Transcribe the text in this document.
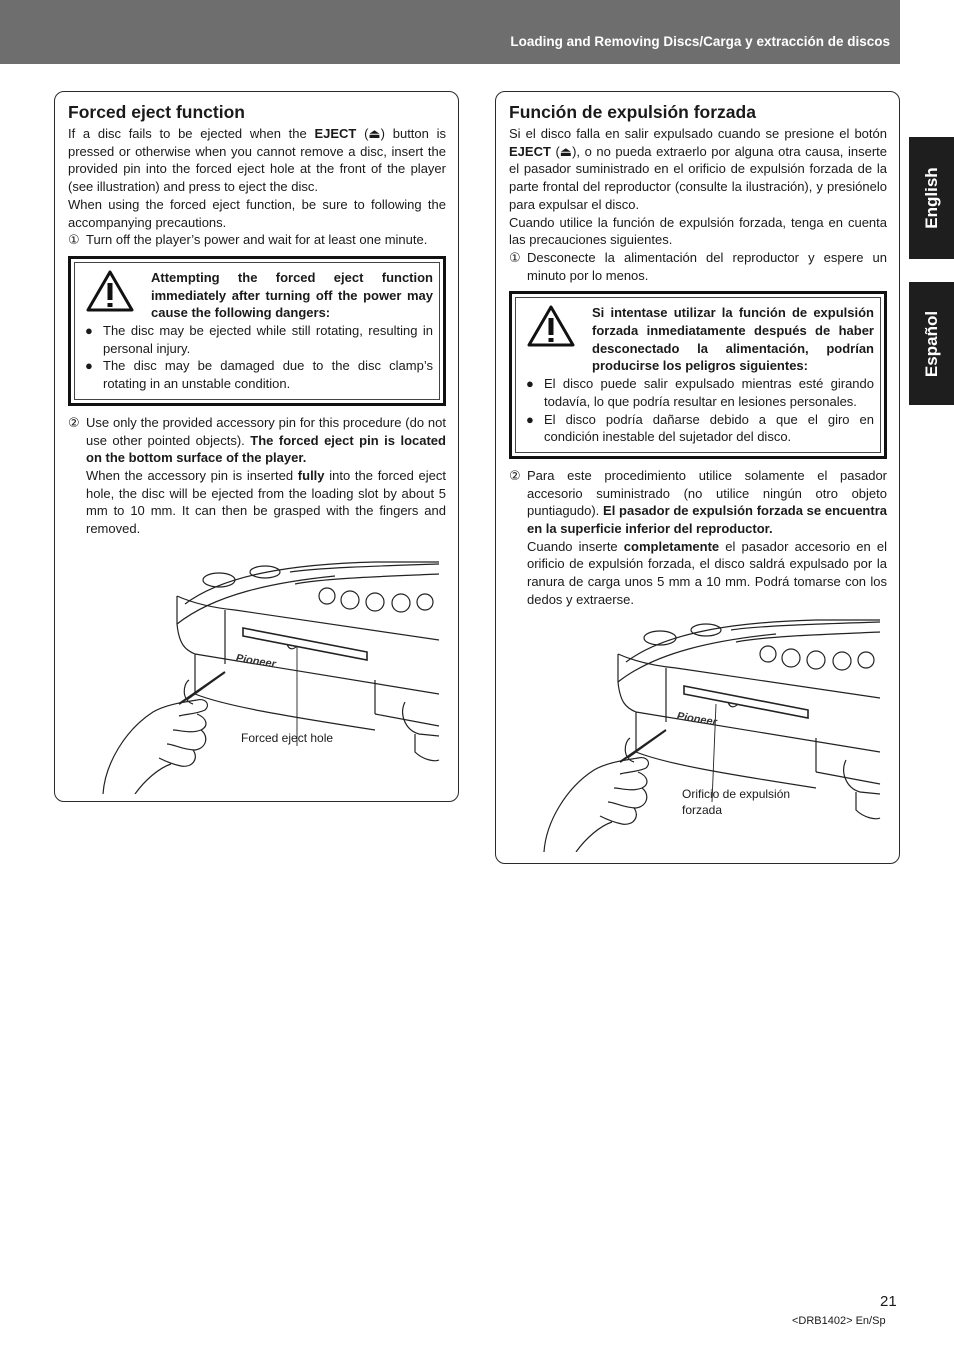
Loading and Removing Discs/Carga y extracción de discos
English
Español
Forced eject function

If a disc fails to be ejected when the EJECT (⏏) button is pressed or otherwise when you cannot remove a disc, insert the provided pin into the forced eject hole at the front of the player (see illustration) and press to eject the disc.

When using the forced eject function, be sure to following the accompanying precautions.

① Turn off the player’s power and wait for at least one minute.
Attempting the forced eject function immediately after turning off the power may cause the following dangers:
● The disc may be ejected while still rotating, resulting in personal injury.
● The disc may be damaged due to the disc clamp’s rotating in an unstable condition.
② Use only the provided accessory pin for this procedure (do not use other pointed objects). The forced eject pin is located on the bottom surface of the player.
When the accessory pin is inserted fully into the forced eject hole, the disc will be ejected from the loading slot by about 5 mm to 10 mm. It can then be grasped with the fingers and removed.
Pioneer
Forced eject hole
Función de expulsión forzada

Si el disco falla en salir expulsado cuando se presione el botón EJECT (⏏), o no pueda extraerlo por alguna otra causa, inserte el pasador suministrado en el orificio de expulsión forzada de la parte frontal del reproductor (consulte la ilustración), y presiónelo para expulsar el disco.

Cuando utilice la función de expulsión forzada, tenga en cuenta las precauciones siguientes.

① Desconecte la alimentación del reproductor y espere un minuto por lo menos.
Si intentase utilizar la función de expulsión forzada inmediatamente después de haber desconectado la alimentación, podrían producirse los peligros siguientes:
● El disco puede salir expulsado mientras esté girando todavía, lo que podría resultar en lesiones personales.
● El disco podría dañarse debido a que el giro en condición inestable del sujetador del disco.
② Para este procedimiento utilice solamente el pasador accesorio suministrado (no utilice ningún otro objeto puntiagudo). El pasador de expulsión forzada se encuentra en la superficie inferior del reproductor.
Cuando inserte completamente el pasador accesorio en el orificio de expulsión forzada, el disco saldrá expulsado por la ranura de carga unos 5 mm a 10 mm. Podrá tomarse con los dedos y extraerse.
Pioneer
Orificio de expulsión
forzada
21
<DRB1402> En/Sp
